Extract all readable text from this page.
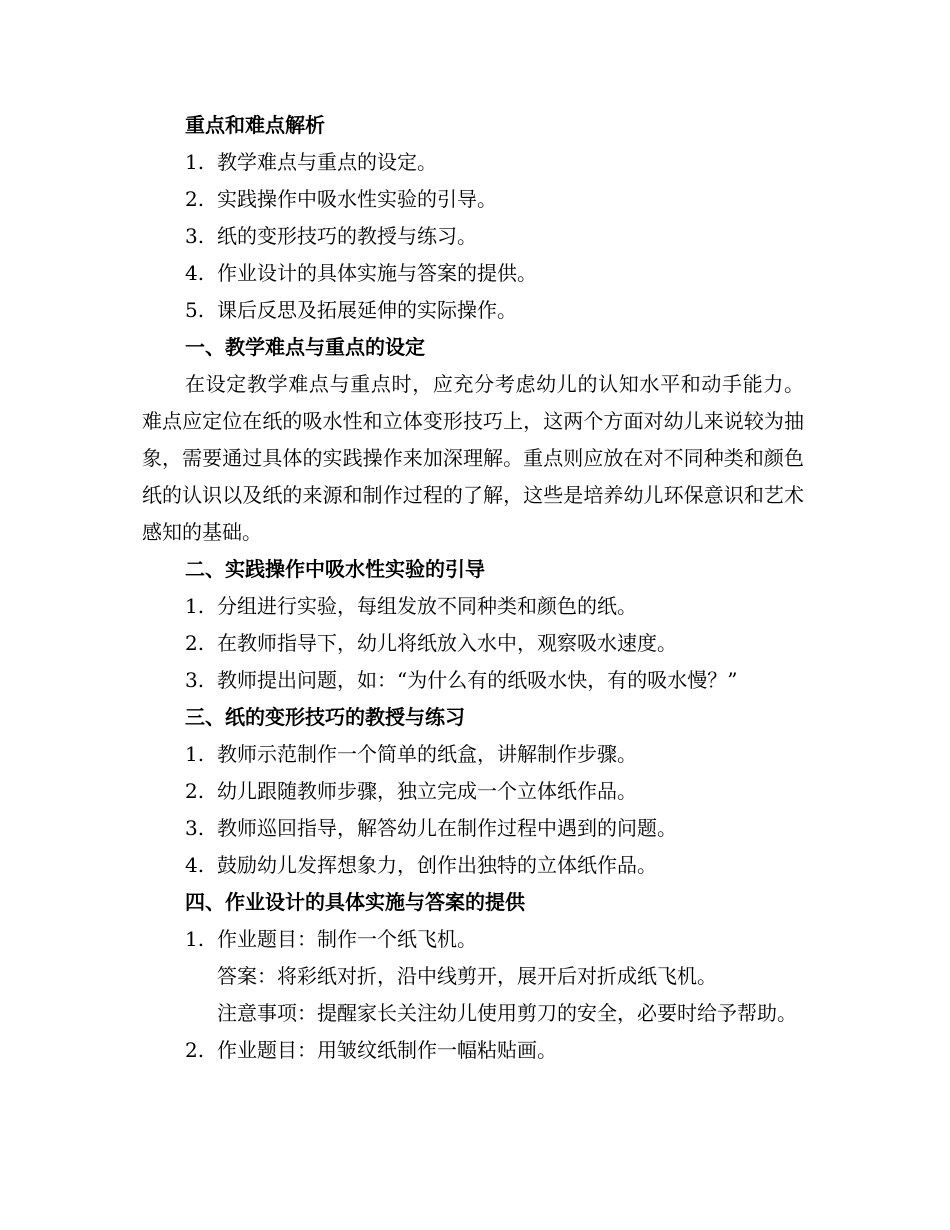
重点和难点解析

1. 教学难点与重点的设定。

2. 实践操作中吸水性实验的引导。

3. 纸的变形技巧的教授与练习。

4. 作业设计的具体实施与答案的提供。

5. 课后反思及拓展延伸的实际操作。

一、教学难点与重点的设定

在设定教学难点与重点时，应充分考虑幼儿的认知水平和动手能力。难点应定位在纸的吸水性和立体变形技巧上，这两个方面对幼儿来说较为抽象，需要通过具体的实践操作来加深理解。重点则应放在对不同种类和颜色纸的认识以及纸的来源和制作过程的了解，这些是培养幼儿环保意识和艺术感知的基础。

二、实践操作中吸水性实验的引导

1. 分组进行实验，每组发放不同种类和颜色的纸。

2. 在教师指导下，幼儿将纸放入水中，观察吸水速度。

3. 教师提出问题，如：“为什么有的纸吸水快，有的吸水慢？”

三、纸的变形技巧的教授与练习

1. 教师示范制作一个简单的纸盒，讲解制作步骤。

2. 幼儿跟随教师步骤，独立完成一个立体纸作品。

3. 教师巡回指导，解答幼儿在制作过程中遇到的问题。

4. 鼓励幼儿发挥想象力，创作出独特的立体纸作品。

四、作业设计的具体实施与答案的提供

1. 作业题目：制作一个纸飞机。

答案：将彩纸对折，沿中线剪开，展开后对折成纸飞机。

注意事项：提醒家长关注幼儿使用剪刀的安全，必要时给予帮助。

2. 作业题目：用皱纹纸制作一幅粘贴画。
